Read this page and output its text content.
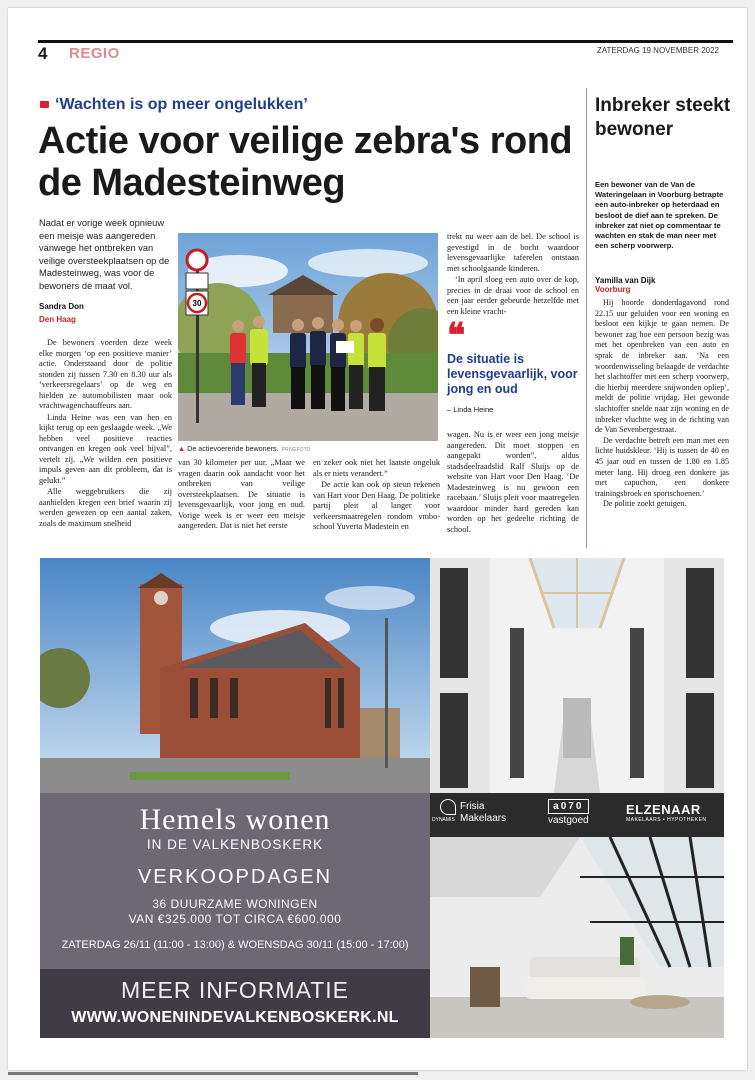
4 REGIO	ZATERDAG 19 NOVEMBER 2022
‘Wachten is op meer ongelukken’
Actie voor veilige zebra's rond de Madesteinweg
Nadat er vorige week opnieuw een meisje was aangereden vanwege het ontbreken van veilige oversteekplaatsen op de Madesteinweg, was voor de bewoners de maat vol.
Sandra Don
Den Haag

De bewoners voerden deze week elke morgen ‘op een positieve manier’ actie. Onderstaand door de politie stonden zij tussen 7.30 en 8.30 uur als ‘verkeersregelaars’ op de weg en hielden ze automobilisten maar ook vrachtwagenchauffeurs aan.

Linda Heine was een van hen en kijkt terug op een geslaagde week. „We hebben veel positieve reacties ontvangen en kregen ook veel bijval”, vertelt zij. „We wilden een positieve impuls geven aan dit probleem, dat is gelukt.”

Alle weggebruikers die zij aanhielden kregen een brief waarin zij werden gewezen op een aantal zaken, zoals de maximum snelheid

30
▲ De actievoerende bewoners. PRIVEFOTO

van 30 kilometer per uur. „Maar we vragen daarin ook aandacht voor het ontbreken van veilige oversteekplaatsen. De situatie is levensgevaarlijk, voor jong en oud. Vorige week is er weer een meisje aangereden. Dat is niet het eerste

en zeker ook niet het laatste ongeluk als er niets verandert.”

De actie kan ook op steun rekenen van Hart voor Den Haag. De politieke partij pleit al langer voor verkeersmaatregelen rondom vmbo-school Yuverta Madestein en

trekt nu weer aan de bel. De school is gevestigd in de bocht waardoor levensgevaarlijke taferelen ontstaan met schoolgaande kinderen.

‘In april sloeg een auto over de kop, precies in de draai voor de school en een jaar eerder gebeurde hetzelfde met een kleine vracht-

❝
De situatie is levensgevaarlijk, voor jong en oud
– Linda Heine

wagen. Nu is er weer een jong meisje aangereden. Dit moet stoppen en aangepakt worden”, aldus stadsdeelraadslid Ralf Sluijs op de website van Hart voor Den Haag. ‘De Madesteinweg is nu gewoon een racebaan.’ Sluijs pleit voor maatregelen waardoor minder hard gereden kan worden op het gedeelte richting de school.

Inbreker steekt bewoner
Een bewoner van de Van de Wateringelaan in Voorburg betrapte een auto-inbreker op heterdaad en besloot de dief aan te spreken. De inbreker zat niet op commentaar te wachten en stak de man neer met een scherp voorwerp.
Yamilla van Dijk
Voorburg

Hij hoorde donderdagavond rond 22.15 uur geluiden voor een woning en besloot een kijkje te gaan nemen. De bewoner zag hoe een persoon bezig was met het openbreken van een auto en sprak de inbreker aan. ‘Na een woordenwisseling belaagde de verdachte het slachtoffer met een scherp voorwerp, die hierbij meerdere snijwonden opliep’, meldt de politie vrijdag. Het gewonde slachtoffer snelde naar zijn woning en de inbreker vluchtte weg in de richting van de Van Sevenbergestraat.

De verdachte betreft een man met een lichte huidskleur. ‘Hij is tussen de 40 en 45 jaar oud en tussen de 1.80 en 1.85 meter lang. Hij droeg een donkere jas met capuchon, een donkere trainingsbroek en sportschoenen.’

De politie zoekt getuigen.

Hemels wonen
IN DE VALKENBOSKERK
VERKOOPDAGEN
36 DUURZAME WONINGEN
VAN €325.000 TOT CIRCA €600.000
ZATERDAG 26/11 (11:00 - 13:00) & WOENSDAG 30/11 (15:00 - 17:00)
MEER INFORMATIE
WWW.WONENINDEVALKENBOSKERK.NL
DYNAMIS
Frisia
Makelaars
a070
vastgoed
ELZENAAR
MAKELAARS • HYPOTHEKEN
